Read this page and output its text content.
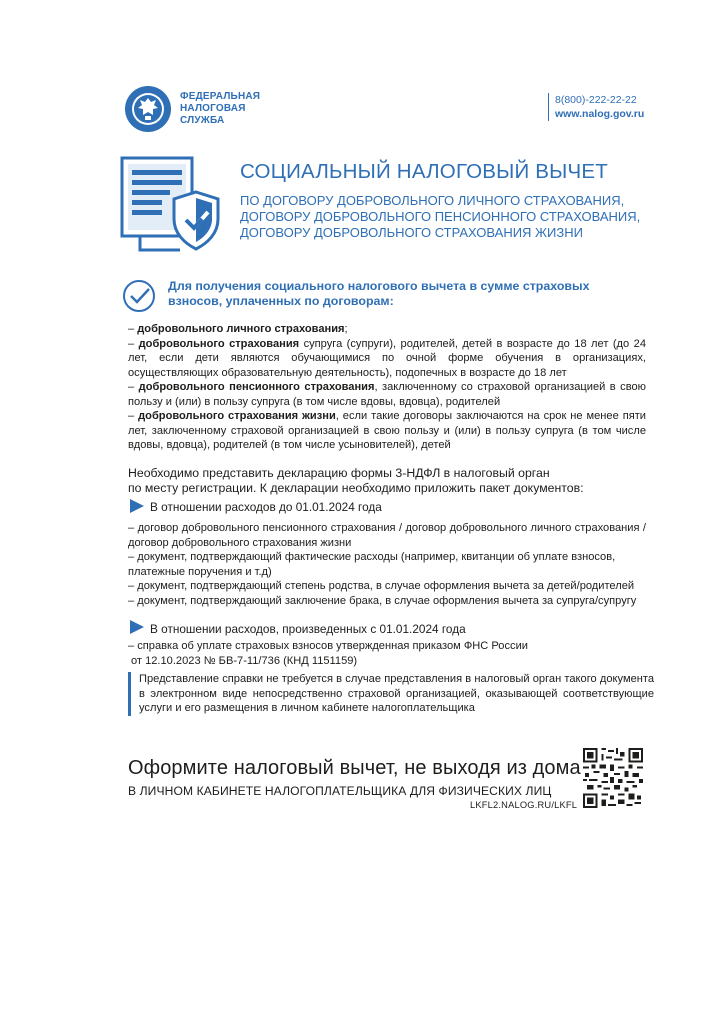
ФЕДЕРАЛЬНАЯ
НАЛОГОВАЯ
СЛУЖБА
8(800)-222-22-22
www.nalog.gov.ru
СОЦИАЛЬНЫЙ НАЛОГОВЫЙ ВЫЧЕТ
ПО ДОГОВОРУ ДОБРОВОЛЬНОГО ЛИЧНОГО СТРАХОВАНИЯ,
ДОГОВОРУ ДОБРОВОЛЬНОГО ПЕНСИОННОГО СТРАХОВАНИЯ,
ДОГОВОРУ ДОБРОВОЛЬНОГО СТРАХОВАНИЯ ЖИЗНИ
Для получения социального налогового вычета в сумме страховых взносов, уплаченных по договорам:

– добровольного личного страхования;

– добровольного страхования супруга (супруги), родителей, детей в возрасте до 18 лет (до 24 лет, если дети являются обучающимися по очной форме обучения в организациях, осуществляющих образовательную деятельность), подопечных в возрасте до 18 лет

– добровольного пенсионного страхования, заключенному со страховой организацией в свою пользу и (или) в пользу супруга (в том числе вдовы, вдовца), родителей

– добровольного страхования жизни, если такие договоры заключаются на срок не менее пяти лет, заключенному страховой организацией в свою пользу и (или) в пользу супруга (в том числе вдовы, вдовца), родителей (в том числе усыновителей), детей

Необходимо представить декларацию формы 3-НДФЛ в налоговый орган
по месту регистрации. К декларации необходимо приложить пакет документов:
В отношении расходов до 01.01.2024 года

– договор добровольного пенсионного страхования / договор добровольного личного страхования / договор добровольного страхования жизни

– документ, подтверждающий фактические расходы (например, квитанции об уплате взносов, платежные поручения и т.д)

– документ, подтверждающий степень родства, в случае оформления вычета за детей/родителей

– документ, подтверждающий заключение брака, в случае оформления вычета за супруга/супругу

В отношении расходов, произведенных с 01.01.2024 года

– справка об уплате страховых взносов утвержденная приказом ФНС России

от 12.10.2023 № БВ-7-11/736 (КНД 1151159)

Представление справки не требуется в случае представления в налоговый орган такого документа в электронном виде непосредственно страховой организацией, оказывающей соответствующие услуги и его размещения в личном кабинете налогоплательщика
Оформите налоговый вычет, не выходя из дома
В ЛИЧНОМ КАБИНЕТЕ НАЛОГОПЛАТЕЛЬЩИКА ДЛЯ ФИЗИЧЕСКИХ ЛИЦ
LKFL2.NALOG.RU/LKFL
